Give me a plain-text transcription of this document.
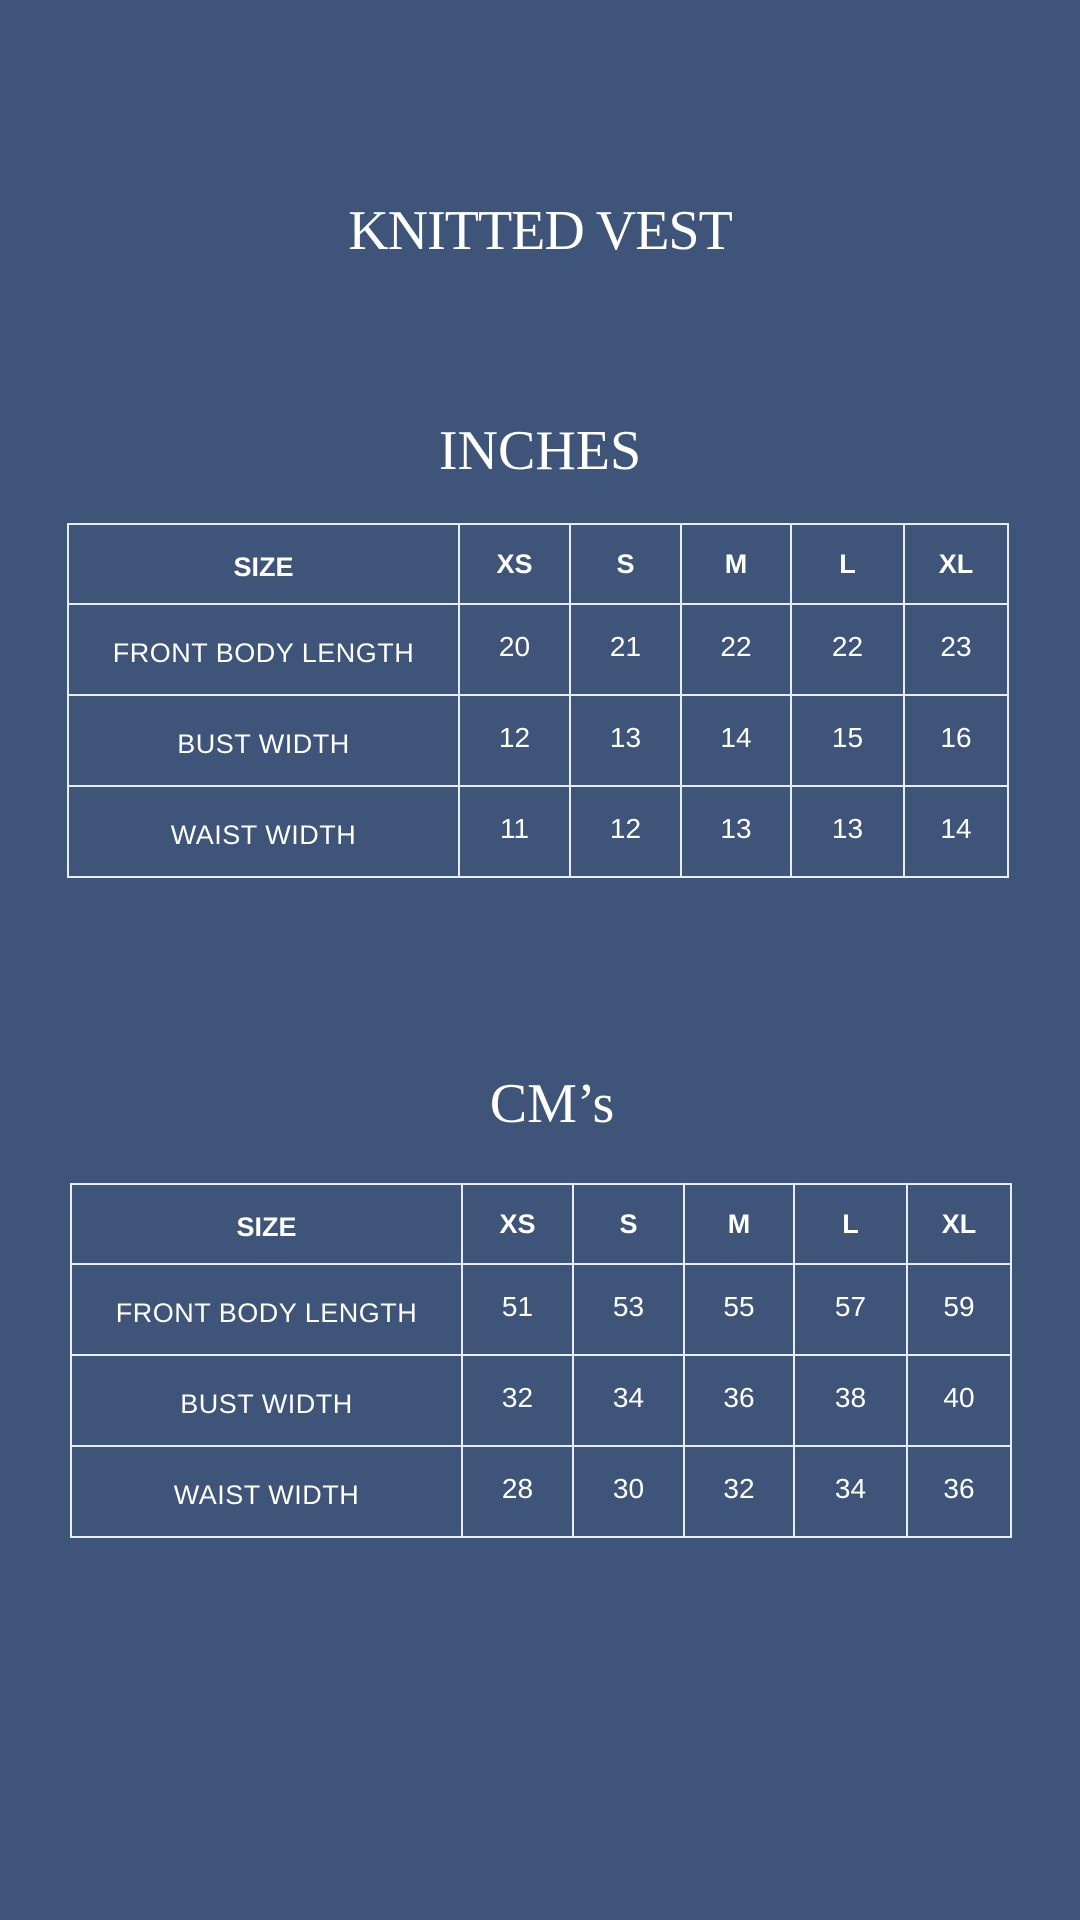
KNITTED VEST
INCHES
SIZE	XS	S	M	L	XL
FRONT BODY LENGTH	20	21	22	22	23
BUST WIDTH	12	13	14	15	16
WAIST WIDTH	11	12	13	13	14
CM’s
SIZE	XS	S	M	L	XL
FRONT BODY LENGTH	51	53	55	57	59
BUST WIDTH	32	34	36	38	40
WAIST WIDTH	28	30	32	34	36
